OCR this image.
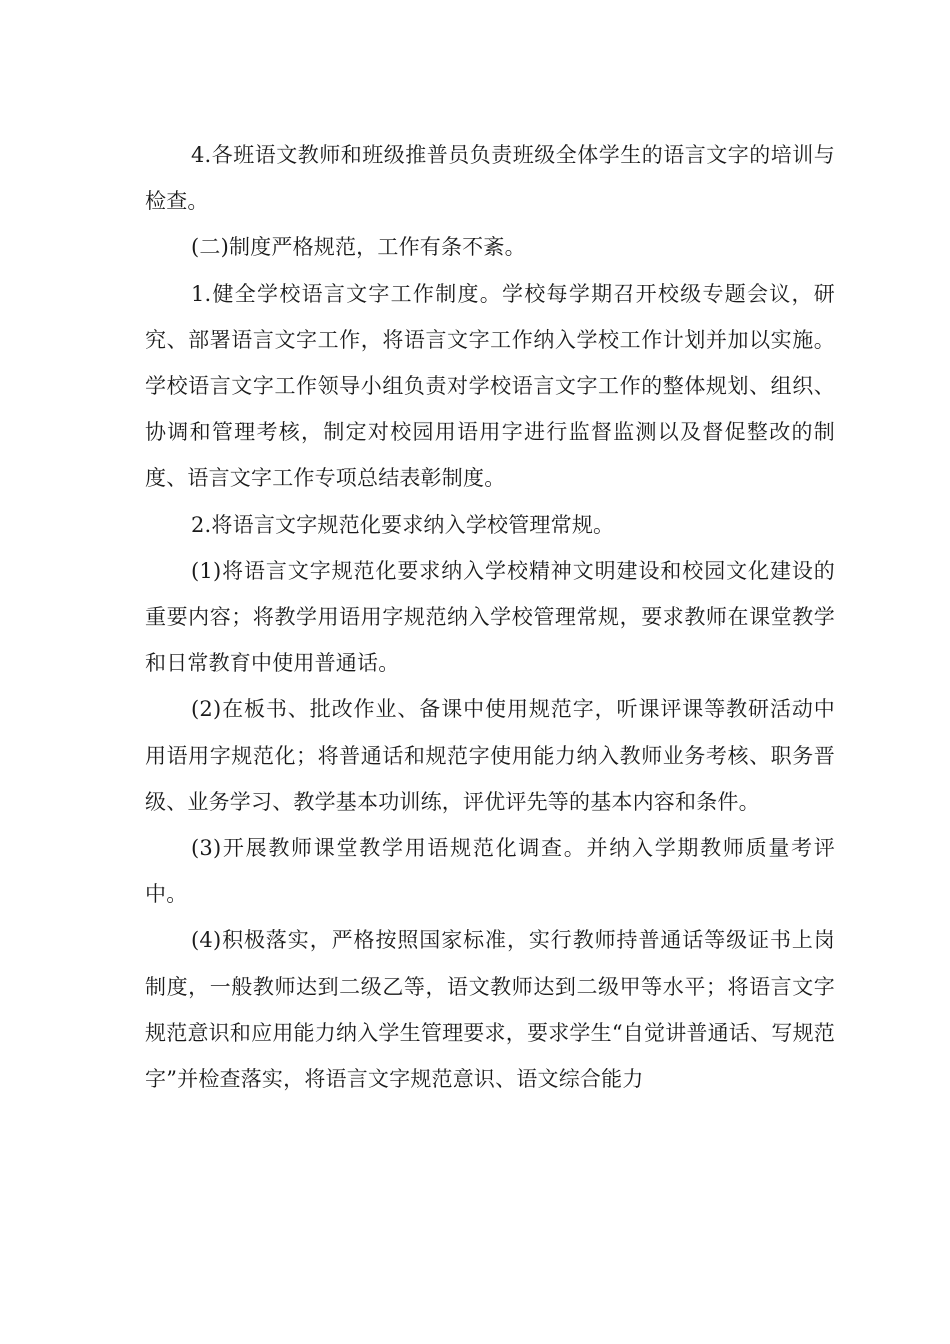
4.各班语文教师和班级推普员负责班级全体学生的语言文字的培训与检查。

(二)制度严格规范，工作有条不紊。

1.健全学校语言文字工作制度。学校每学期召开校级专题会议，研究、部署语言文字工作，将语言文字工作纳入学校工作计划并加以实施。学校语言文字工作领导小组负责对学校语言文字工作的整体规划、组织、协调和管理考核，制定对校园用语用字进行监督监测以及督促整改的制度、语言文字工作专项总结表彰制度。

2.将语言文字规范化要求纳入学校管理常规。

(1)将语言文字规范化要求纳入学校精神文明建设和校园文化建设的重要内容；将教学用语用字规范纳入学校管理常规，要求教师在课堂教学和日常教育中使用普通话。

(2)在板书、批改作业、备课中使用规范字，听课评课等教研活动中用语用字规范化；将普通话和规范字使用能力纳入教师业务考核、职务晋级、业务学习、教学基本功训练，评优评先等的基本内容和条件。

(3)开展教师课堂教学用语规范化调查。并纳入学期教师质量考评中。

(4)积极落实，严格按照国家标准，实行教师持普通话等级证书上岗制度，一般教师达到二级乙等，语文教师达到二级甲等水平；将语言文字规范意识和应用能力纳入学生管理要求，要求学生“自觉讲普通话、写规范字”并检查落实，将语言文字规范意识、语文综合能力
